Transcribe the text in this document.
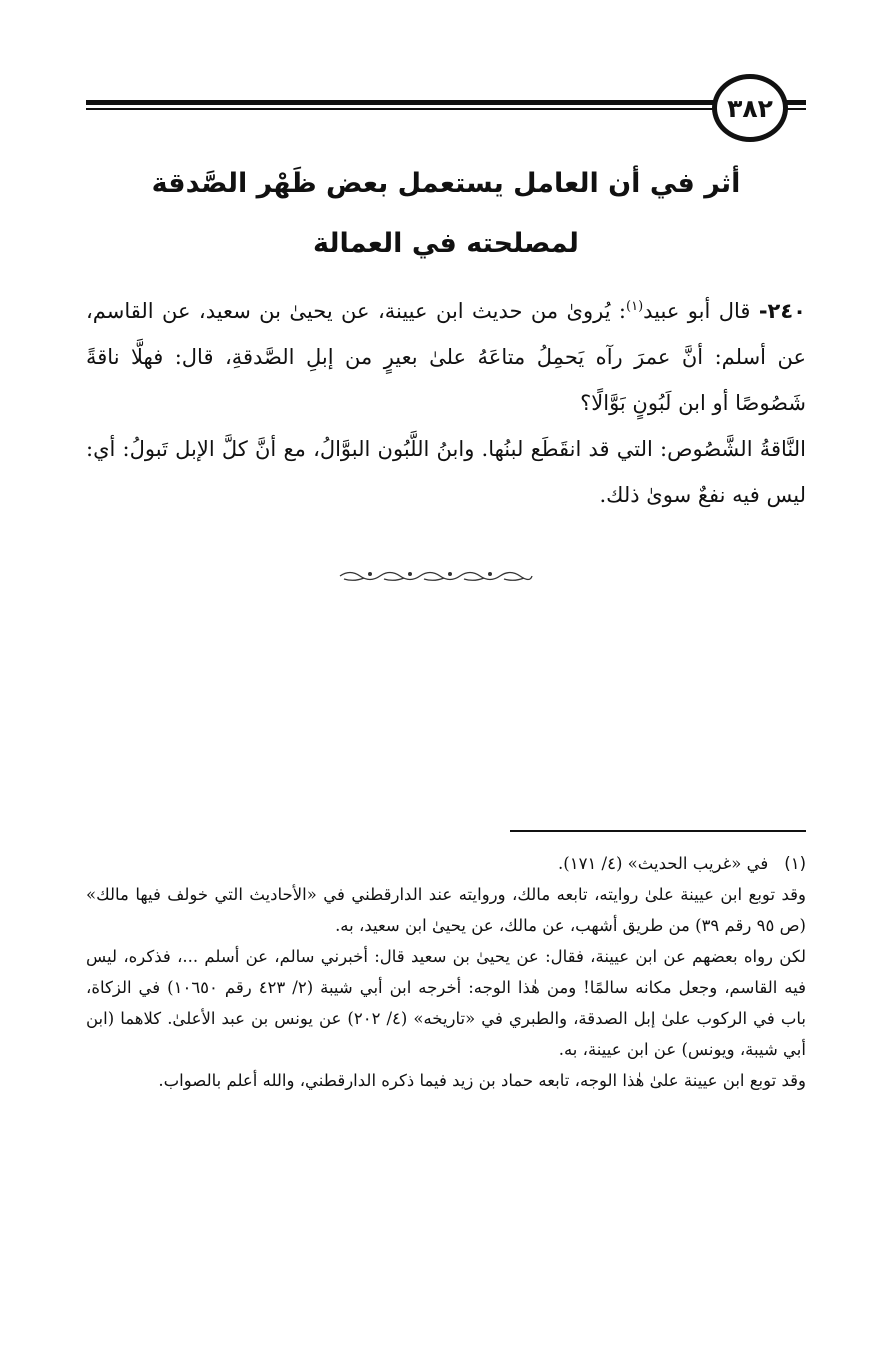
٣٨٢
أثر في أن العامل يستعمل بعض ظَهْر الصَّدقة
لمصلحته في العمالة

٢٤٠- قال أبو عبيد$^{(١)}$: يُرویٰ من حديث ابن عيينة، عن يحيىٰ بن سعيد، عن القاسم، عن أسلم: أنَّ عمرَ رآه يَحمِلُ متاعَهُ علىٰ بعيرٍ من إبلِ الصَّدقةِ، قال: فهلَّا ناقةً شَصُوصًا أو ابن لَبُونٍ بَوَّالًا؟

النَّاقةُ الشَّصُوص: التي قد انقَطَع لبنُها. وابنُ اللَّبُون البوَّالُ، مع أنَّ كلَّ الإبل تَبولُ: أي: ليس فيه نفعٌ سوىٰ ذلك.

(١)في «غريب الحديث» (٤/ ١٧١).

وقد توبع ابن عيينة علىٰ روايته، تابعه مالك، وروايته عند الدارقطني في «الأحاديث التي خولف فيها مالك» (ص ٩٥ رقم ٣٩) من طريق أشهب، عن مالك، عن يحيىٰ ابن سعيد، به.

لكن رواه بعضهم عن ابن عيينة، فقال: عن يحيىٰ بن سعيد قال: أخبرني سالم، عن أسلم ...، فذكره، ليس فيه القاسم، وجعل مكانه سالمًا! ومن هٰذا الوجه: أخرجه ابن أبي شيبة (٢/ ٤٢٣ رقم ١٠٦٥٠) في الزكاة، باب في الركوب علىٰ إبل الصدقة، والطبري في «تاريخه» (٤/ ٢٠٢) عن يونس بن عبد الأعلىٰ. كلاهما (ابن أبي شيبة، ويونس) عن ابن عيينة، به.

وقد توبع ابن عيينة علىٰ هٰذا الوجه، تابعه حماد بن زيد فيما ذكره الدارقطني، والله أعلم بالصواب.
